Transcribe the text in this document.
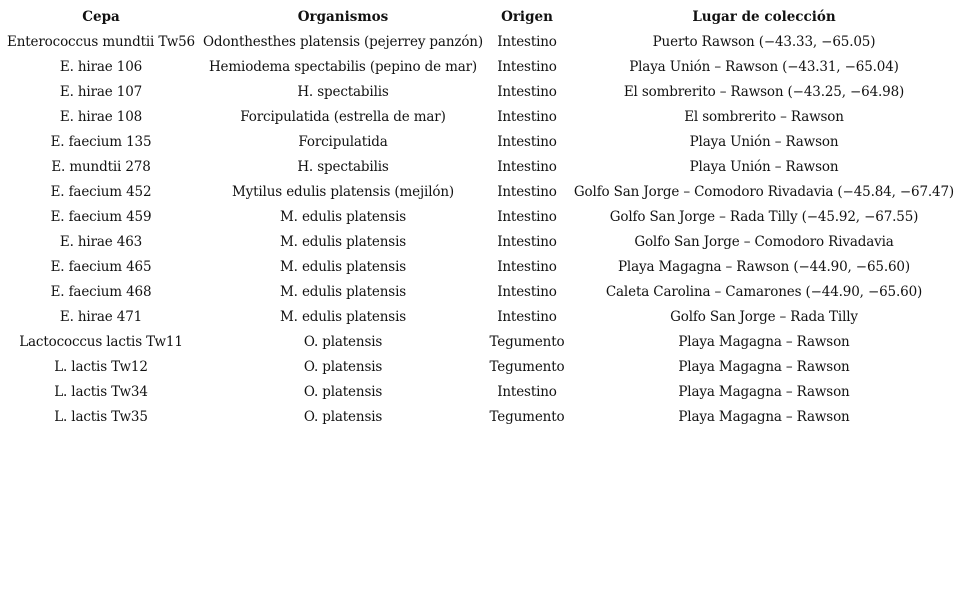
Cepa	Organismos	Origen	Lugar de colección
Enterococcus mundtii Tw56	Odonthesthes platensis (pejerrey panzón)	Intestino	Puerto Rawson (−43.33, −65.05)
E. hirae 106	Hemiodema spectabilis (pepino de mar)	Intestino	Playa Unión – Rawson (−43.31, −65.04)
E. hirae 107	H. spectabilis	Intestino	El sombrerito – Rawson (−43.25, −64.98)
E. hirae 108	Forcipulatida (estrella de mar)	Intestino	El sombrerito – Rawson
E. faecium 135	Forcipulatida	Intestino	Playa Unión – Rawson
E. mundtii 278	H. spectabilis	Intestino	Playa Unión – Rawson
E. faecium 452	Mytilus edulis platensis (mejilón)	Intestino	Golfo San Jorge – Comodoro Rivadavia (−45.84, −67.47)
E. faecium 459	M. edulis platensis	Intestino	Golfo San Jorge – Rada Tilly (−45.92, −67.55)
E. hirae 463	M. edulis platensis	Intestino	Golfo San Jorge – Comodoro Rivadavia
E. faecium 465	M. edulis platensis	Intestino	Playa Magagna – Rawson (−44.90, −65.60)
E. faecium 468	M. edulis platensis	Intestino	Caleta Carolina – Camarones (−44.90, −65.60)
E. hirae 471	M. edulis platensis	Intestino	Golfo San Jorge – Rada Tilly
Lactococcus lactis Tw11	O. platensis	Tegumento	Playa Magagna – Rawson
L. lactis Tw12	O. platensis	Tegumento	Playa Magagna – Rawson
L. lactis Tw34	O. platensis	Intestino	Playa Magagna – Rawson
L. lactis Tw35	O. platensis	Tegumento	Playa Magagna – Rawson
